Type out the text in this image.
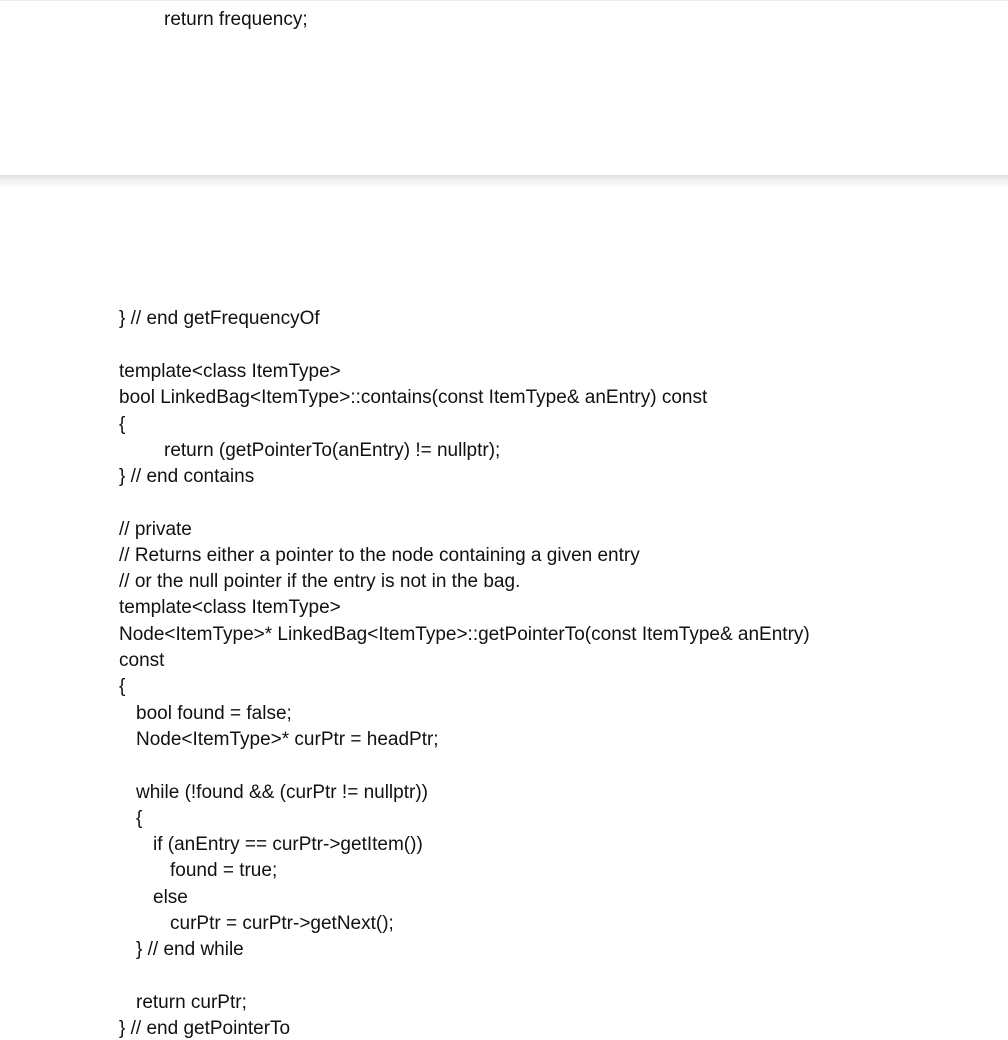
return frequency;
} // end getFrequencyOf
template<class ItemType>
bool LinkedBag<ItemType>::contains(const ItemType& anEntry) const
{
return (getPointerTo(anEntry) != nullptr);
} // end contains
// private
// Returns either a pointer to the node containing a given entry
// or the null pointer if the entry is not in the bag.
template<class ItemType>
Node<ItemType>* LinkedBag<ItemType>::getPointerTo(const ItemType& anEntry)
const
{
bool found = false;
Node<ItemType>* curPtr = headPtr;
while (!found && (curPtr != nullptr))
{
if (anEntry == curPtr->getItem())
found = true;
else
curPtr = curPtr->getNext();
} // end while
return curPtr;
} // end getPointerTo
